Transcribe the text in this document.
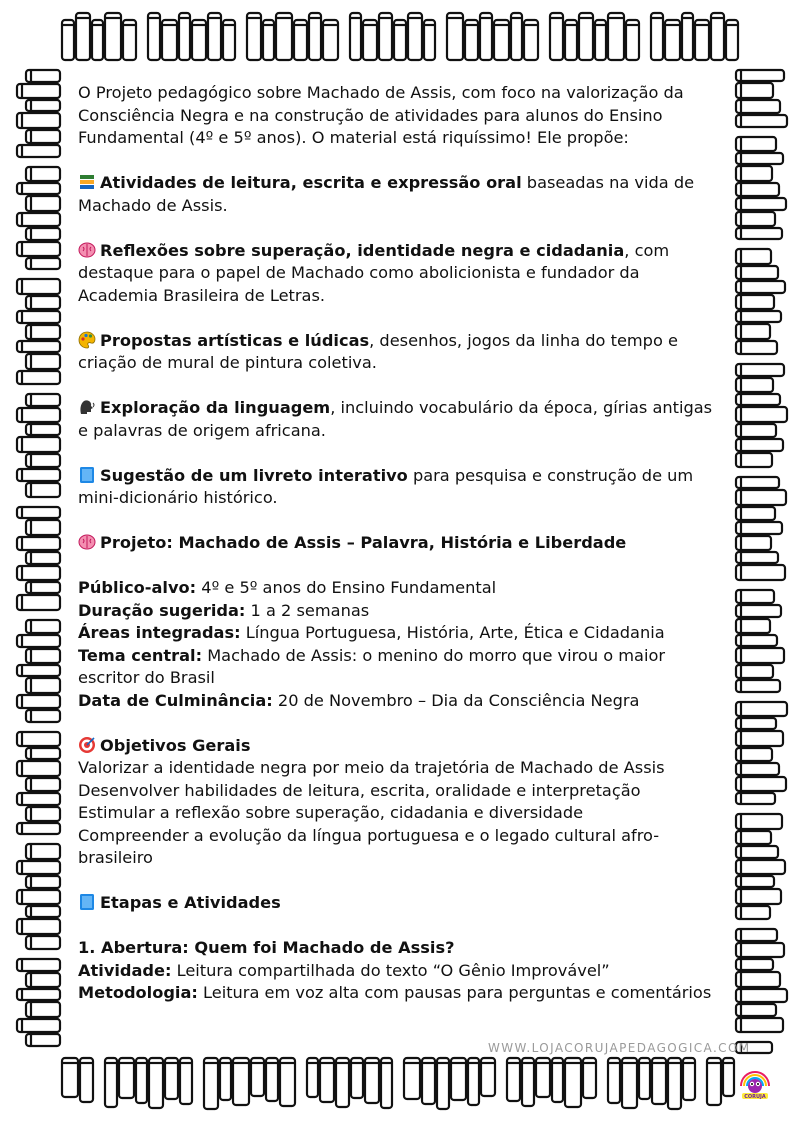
O Projeto pedagógico sobre Machado de Assis, com foco na valorização da Consciência Negra e na construção de atividades para alunos do Ensino Fundamental (4º e 5º anos). O material está riquíssimo! Ele propõe:

Atividades de leitura, escrita e expressão oral baseadas na vida de Machado de Assis.

Reflexões sobre superação, identidade negra e cidadania, com destaque para o papel de Machado como abolicionista e fundador da Academia Brasileira de Letras.

Propostas artísticas e lúdicas, desenhos, jogos da linha do tempo e criação de mural de pintura coletiva.

Exploração da linguagem, incluindo vocabulário da época, gírias antigas e palavras de origem africana.

Sugestão de um livreto interativo para pesquisa e construção de um mini-dicionário histórico.

Projeto: Machado de Assis – Palavra, História e Liberdade

Público-alvo: 4º e 5º anos do Ensino Fundamental

Duração sugerida: 1 a 2 semanas

Áreas integradas: Língua Portuguesa, História, Arte, Ética e Cidadania

Tema central: Machado de Assis: o menino do morro que virou o maior escritor do Brasil

Data de Culminância: 20 de Novembro – Dia da Consciência Negra

Objetivos Gerais

Valorizar a identidade negra por meio da trajetória de Machado de Assis

Desenvolver habilidades de leitura, escrita, oralidade e interpretação

Estimular a reflexão sobre superação, cidadania e diversidade

Compreender a evolução da língua portuguesa e o legado cultural afro-brasileiro

Etapas e Atividades

1. Abertura: Quem foi Machado de Assis?

Atividade: Leitura compartilhada do texto “O Gênio Improvável”

Metodologia: Leitura em voz alta com pausas para perguntas e comentários

WWW.LOJACORUJAPEDAGOGICA.COM
CORUJA
